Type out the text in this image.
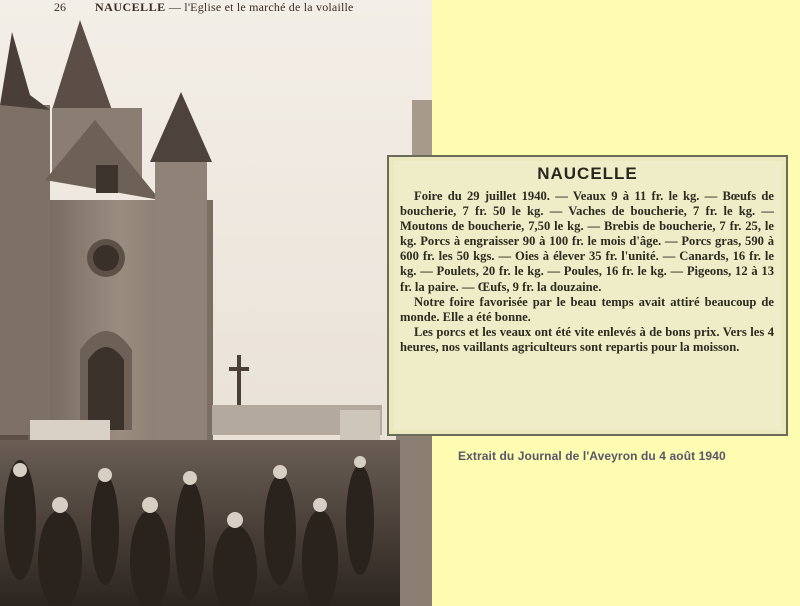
26 NAUCELLE — l'Eglise et le marché de la volaille
NAUCELLE

Foire du 29 juillet 1940. — Veaux 9 à 11 fr. le kg. — Bœufs de boucherie, 7 fr. 50 le kg. — Vaches de boucherie, 7 fr. le kg. — Moutons de boucherie, 7,50 le kg. — Brebis de boucherie, 7 fr. 25, le kg. Porcs à engraisser 90 à 100 fr. le mois d'âge. — Porcs gras, 590 à 600 fr. les 50 kgs. — Oies à élever 35 fr. l'unité. — Canards, 16 fr. le kg. — Poulets, 20 fr. le kg. — Poules, 16 fr. le kg. — Pigeons, 12 à 13 fr. la paire. — Œufs, 9 fr. la douzaine.

Notre foire favorisée par le beau temps avait attiré beaucoup de monde. Elle a été bonne.

Les porcs et les veaux ont été vite enlevés à de bons prix. Vers les 4 heures, nos vaillants agriculteurs sont repartis pour la moisson.

Extrait du Journal de l'Aveyron du 4 août 1940
